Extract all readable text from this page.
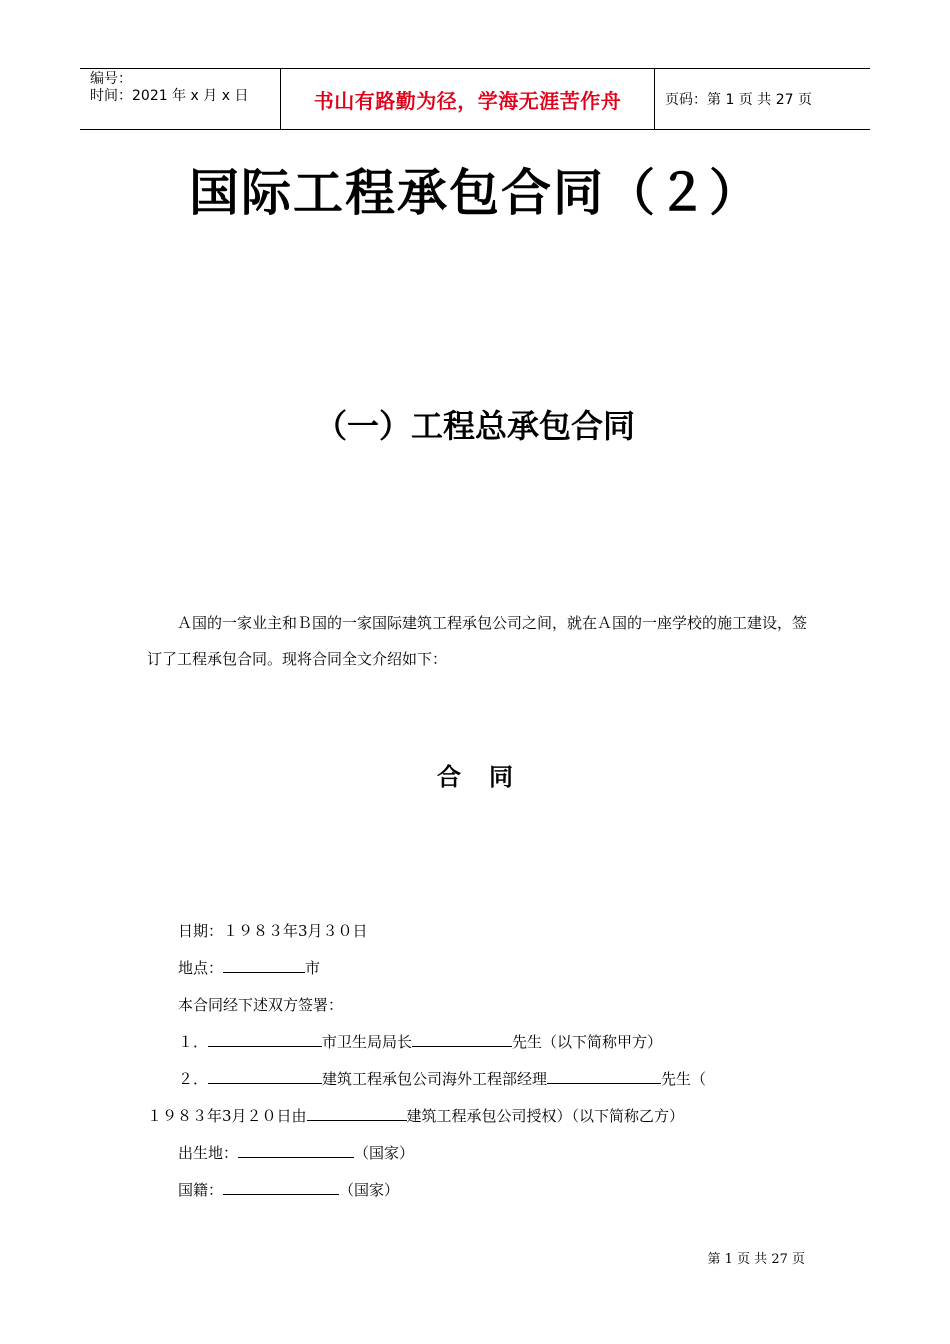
编号：
时间：2021 年 x 月 x 日	书山有路勤为径，学海无涯苦作舟	页码：第 1 页 共 27 页
国际工程承包合同（２）
（一）工程总承包合同
Ａ国的一家业主和Ｂ国的一家国际建筑工程承包公司之间，就在Ａ国的一座学校的施工建设，签订了工程承包合同。现将合同全文介绍如下：
合同
日期：１９８３年3月３０日
地点：	市
本合同经下述双方签署：
１．	市卫生局局长	先生（以下简称甲方）
２．	建筑工程承包公司海外工程部经理	先生（
１９８３年3月２０日由	建筑工程承包公司授权）（以下简称乙方）
出生地：	（国家）
国籍：	（国家）
第 1 页 共 27 页
